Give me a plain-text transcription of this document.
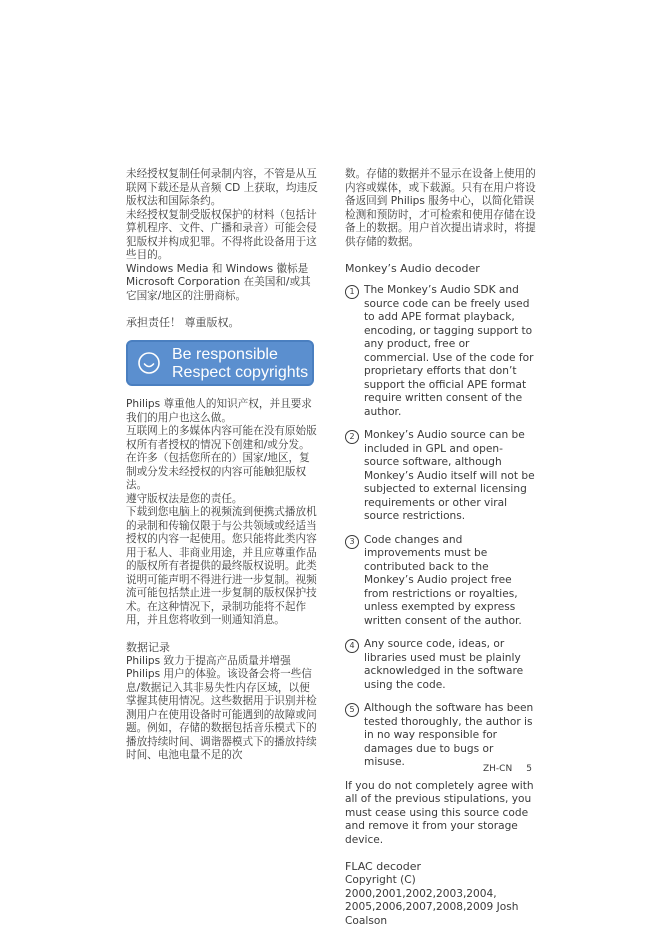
未经授权复制任何录制内容，不管是从互联网下载还是从音频 CD 上获取，均违反版权法和国际条约。

未经授权复制受版权保护的材料（包括计算机程序、文件、广播和录音）可能会侵犯版权并构成犯罪。不得将此设备用于这些目的。

Windows Media 和 Windows 徽标是 Microsoft Corporation 在美国和/或其它国家/地区的注册商标。

承担责任！ 尊重版权。

Be responsible
Respect copyrights

Philips 尊重他人的知识产权，并且要求我们的用户也这么做。

互联网上的多媒体内容可能在没有原始版权所有者授权的情况下创建和/或分发。

在许多（包括您所在的）国家/地区，复制或分发未经授权的内容可能触犯版权法。

遵守版权法是您的责任。

下载到您电脑上的视频流到便携式播放机的录制和传输仅限于与公共领域或经适当授权的内容一起使用。您只能将此类内容用于私人、非商业用途，并且应尊重作品的版权所有者提供的最终版权说明。此类说明可能声明不得进行进一步复制。视频流可能包括禁止进一步复制的版权保护技术。在这种情况下，录制功能将不起作用，并且您将收到一则通知消息。

数据记录

Philips 致力于提高产品质量并增强 Philips 用户的体验。该设备会将一些信息/数据记入其非易失性内存区域，以便掌握其使用情况。这些数据用于识别并检测用户在使用设备时可能遇到的故障或问题。例如，存储的数据包括音乐模式下的播放持续时间、调谐器模式下的播放持续时间、电池电量不足的次

数。存储的数据并不显示在设备上使用的内容或媒体，或下载源。只有在用户将设备返回到 Philips 服务中心，以简化错误检测和预防时，才可检索和使用存储在设备上的数据。用户首次提出请求时，将提供存储的数据。

Monkey’s Audio decoder

1 The Monkey’s Audio SDK and source code can be freely used to add APE format playback, encoding, or tagging support to any product, free or commercial. Use of the code for proprietary efforts that don’t support the official APE format require written consent of the author.
2 Monkey’s Audio source can be included in GPL and open-source software, although Monkey’s Audio itself will not be subjected to external licensing requirements or other viral source restrictions.
3 Code changes and improvements must be contributed back to the Monkey’s Audio project free from restrictions or royalties, unless exempted by express written consent of the author.
4 Any source code, ideas, or libraries used must be plainly acknowledged in the software using the code.
5 Although the software has been tested thoroughly, the author is in no way responsible for damages due to bugs or misuse.

If you do not completely agree with all of the previous stipulations, you must cease using this source code and remove it from your storage device.

FLAC decoder

Copyright (C) 2000,2001,2002,2003,2004, 2005,2006,2007,2008,2009 Josh Coalson

ZH-CN 5
